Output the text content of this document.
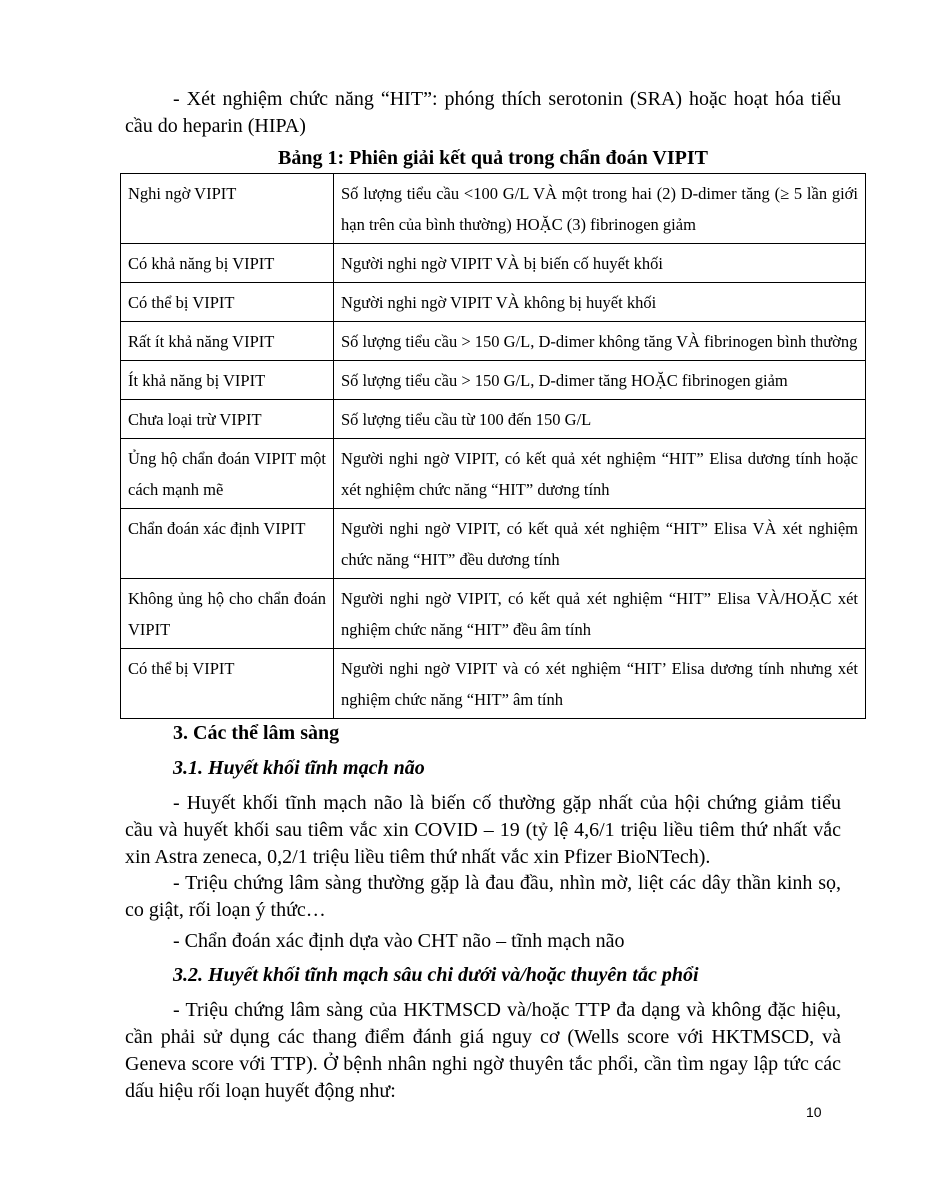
- Xét nghiệm chức năng “HIT”: phóng thích serotonin (SRA) hoặc hoạt hóa tiểu cầu do heparin (HIPA)

Bảng 1: Phiên giải kết quả trong chẩn đoán VIPIT

Nghi ngờ VIPIT	Số lượng tiểu cầu <100 G/L VÀ một trong hai (2) D-dimer tăng (≥ 5 lần giới hạn trên của bình thường) HOẶC (3) fibrinogen giảm
Có khả năng bị VIPIT	Người nghi ngờ VIPIT VÀ bị biến cố huyết khối
Có thể bị VIPIT	Người nghi ngờ VIPIT VÀ không bị huyết khối
Rất ít khả năng VIPIT	Số lượng tiểu cầu > 150 G/L, D-dimer không tăng VÀ fibrinogen bình thường
Ít khả năng bị VIPIT	Số lượng tiểu cầu > 150 G/L, D-dimer tăng HOẶC fibrinogen giảm
Chưa loại trừ VIPIT	Số lượng tiểu cầu từ 100 đến 150 G/L
Ủng hộ chẩn đoán VIPIT một cách mạnh mẽ	Người nghi ngờ VIPIT, có kết quả xét nghiệm “HIT” Elisa dương tính hoặc xét nghiệm chức năng “HIT” dương tính
Chẩn đoán xác định VIPIT	Người nghi ngờ VIPIT, có kết quả xét nghiệm “HIT” Elisa VÀ xét nghiệm chức năng “HIT” đều dương tính
Không ủng hộ cho chẩn đoán VIPIT	Người nghi ngờ VIPIT, có kết quả xét nghiệm “HIT” Elisa VÀ/HOẶC xét nghiệm chức năng “HIT” đều âm tính
Có thể bị VIPIT	Người nghi ngờ VIPIT và có xét nghiệm “HIT’ Elisa dương tính nhưng xét nghiệm chức năng “HIT” âm tính

3. Các thể lâm sàng

3.1. Huyết khối tĩnh mạch não

- Huyết khối tĩnh mạch não là biến cố thường gặp nhất của hội chứng giảm tiểu cầu và huyết khối sau tiêm vắc xin COVID – 19 (tỷ lệ 4,6/1 triệu liều tiêm thứ nhất vắc xin Astra zeneca, 0,2/1 triệu liều tiêm thứ nhất vắc xin Pfizer BioNTech).

- Triệu chứng lâm sàng thường gặp là đau đầu, nhìn mờ, liệt các dây thần kinh sọ, co giật, rối loạn ý thức…

- Chẩn đoán xác định dựa vào CHT não – tĩnh mạch não

3.2. Huyết khối tĩnh mạch sâu chi dưới và/hoặc thuyên tắc phổi

- Triệu chứng lâm sàng của HKTMSCD và/hoặc TTP đa dạng và không đặc hiệu, cần phải sử dụng các thang điểm đánh giá nguy cơ (Wells score với HKTMSCD, và Geneva score với TTP). Ở bệnh nhân nghi ngờ thuyên tắc phổi, cần tìm ngay lập tức các dấu hiệu rối loạn huyết động như:

10
